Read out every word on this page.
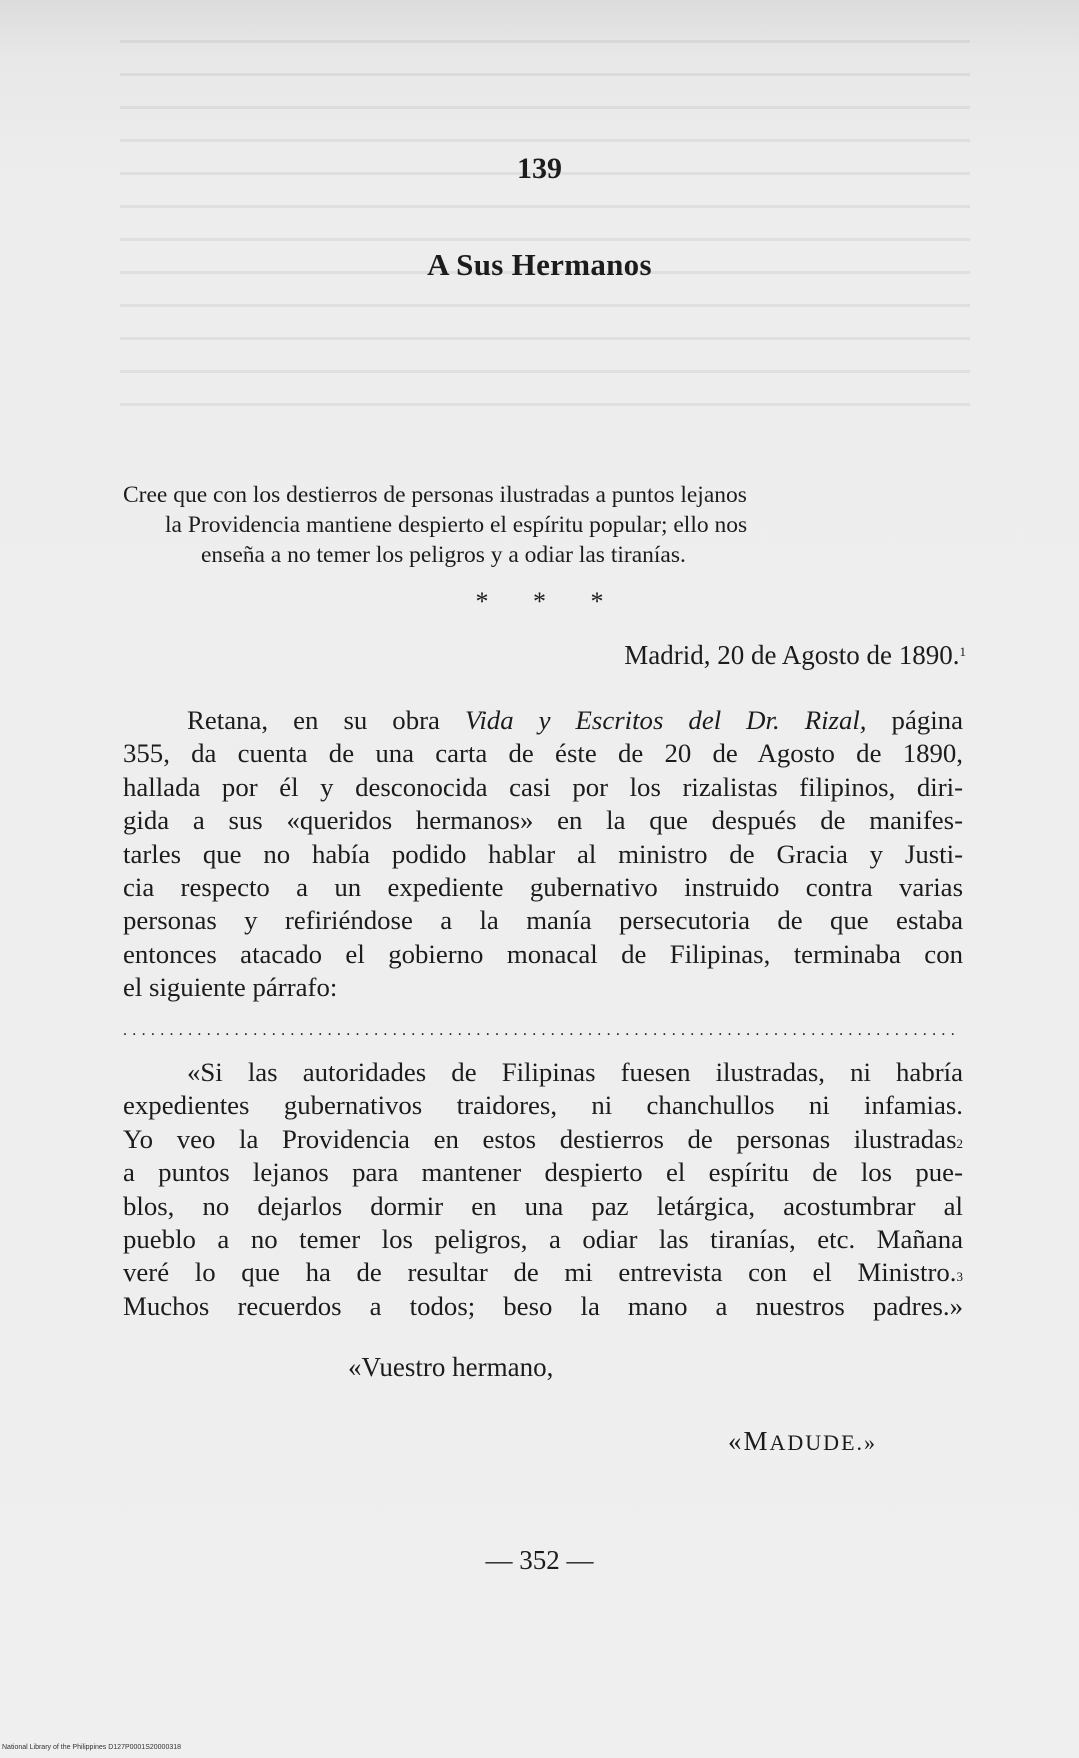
139
A Sus Hermanos
Cree que con los destierros de personas ilustradas a puntos lejanos
la Providencia mantiene despierto el espíritu popular; ello nos
enseña a no temer los peligros y a odiar las tiranías.
* * *
Madrid, 20 de Agosto de 1890.$^1$
Retana, en su obra Vida y Escritos del Dr. Rizal, página
355, da cuenta de una carta de éste de 20 de Agosto de 1890,
hallada por él y desconocida casi por los rizalistas filipinos, diri-
gida a sus «queridos hermanos» en la que después de manifes-
tarles que no había podido hablar al ministro de Gracia y Justi-
cia respecto a un expediente gubernativo instruido contra varias
personas y refiriéndose a la manía persecutoria de que estaba
entonces atacado el gobierno monacal de Filipinas, terminaba con
el siguiente párrafo:
..........................................................................................
«Si las autoridades de Filipinas fuesen ilustradas, ni habría
expedientes gubernativos traidores, ni chanchullos ni infamias.
Yo veo la Providencia en estos destierros de personas ilustradas$^2$
a puntos lejanos para mantener despierto el espíritu de los pue-
blos, no dejarlos dormir en una paz letárgica, acostumbrar al
pueblo a no temer los peligros, a odiar las tiranías, etc. Mañana
veré lo que ha de resultar de mi entrevista con el Ministro.$^3$
Muchos recuerdos a todos; beso la mano a nuestros padres.»
«Vuestro hermano,
«MADUDE.»
— 352 —
National Library of the Philippines D127P0001S20000318
